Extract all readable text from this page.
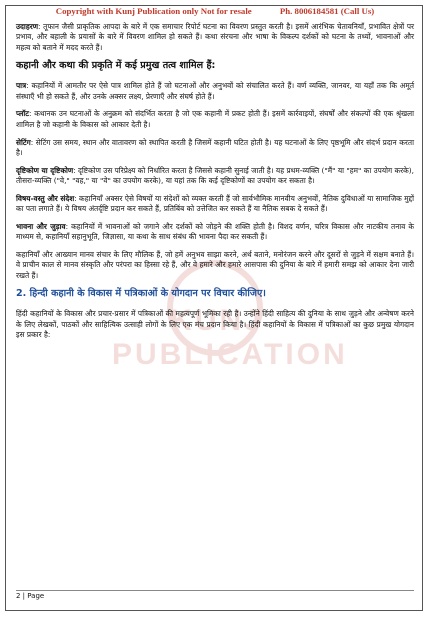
Copyright with Kunj Publication only Not for resale	Ph. 8006184581 (Call Us)
KUNJ PUBLICATION

उदाहरण: तूफान जैसी प्राकृतिक आपदा के बारे में एक समाचार रिपोर्ट घटना का विवरण प्रस्तुत करती है। इसमें आरंभिक चेतावनियाँ, प्रभावित क्षेत्रों पर प्रभाव, और बहाली के प्रयासों के बारे में विवरण शामिल हो सकते हैं। कथा संरचना और भाषा के विकल्प दर्शकों को घटना के तथ्यों, भावनाओं और महत्व को बताने में मदद करते हैं।

कहानी और कथा की प्रकृति में कई प्रमुख तत्व शामिल हैं:

पात्र: कहानियों में आमतौर पर ऐसे पात्र शामिल होते हैं जो घटनाओं और अनुभवों को संचालित करते हैं। वर्ण व्यक्ति, जानवर, या यहाँ तक कि अमूर्त संस्थाएँ भी हो सकते हैं, और उनके अक्सर लक्ष्य, प्रेरणाएँ और संघर्ष होते हैं।

प्लॉट: कथानक उन घटनाओं के अनुक्रम को संदर्भित करता है जो एक कहानी में प्रकट होती हैं। इसमें कार्रवाइयों, संघर्षों और संकल्पों की एक श्रृंखला शामिल है जो कहानी के विकास को आकार देती है।

सेटिंग: सेटिंग उस समय, स्थान और वातावरण को स्थापित करती है जिसमें कहानी घटित होती है। यह घटनाओं के लिए पृष्ठभूमि और संदर्भ प्रदान करता है।

दृष्टिकोण या दृष्टिकोण: दृष्टिकोण उस परिप्रेक्ष्य को निर्धारित करता है जिससे कहानी सुनाई जाती है। यह प्रथम-व्यक्ति ("मैं" या "हम" का उपयोग करके), तीसरा-व्यक्ति ("वे," "वह," या "वे" का उपयोग करके), या यहां तक कि कई दृष्टिकोणों का उपयोग कर सकता है।

विषय-वस्तु और संदेश: कहानियाँ अक्सर ऐसे विषयों या संदेशों को व्यक्त करती हैं जो सार्वभौमिक मानवीय अनुभवों, नैतिक दुविधाओं या सामाजिक मुद्दों का पता लगाते हैं। ये विषय अंतर्दृष्टि प्रदान कर सकते हैं, प्रतिबिंब को उत्तेजित कर सकते हैं या नैतिक सबक दे सकते हैं।

भावना और जुड़ाव: कहानियों में भावनाओं को जगाने और दर्शकों को जोड़ने की शक्ति होती है। विशद वर्णन, चरित्र विकास और नाटकीय तनाव के माध्यम से, कहानियाँ सहानुभूति, जिज्ञासा, या कथा के साथ संबंध की भावना पैदा कर सकती हैं।

कहानियाँ और आख्यान मानव संचार के लिए मौलिक हैं, जो हमें अनुभव साझा करने, अर्थ बताने, मनोरंजन करने और दूसरों से जुड़ने में सक्षम बनाते हैं। वे प्राचीन काल से मानव संस्कृति और परंपरा का हिस्सा रहे हैं, और वे हमारे और हमारे आसपास की दुनिया के बारे में हमारी समझ को आकार देना जारी रखते हैं।

2. हिन्दी कहानी के विकास में पत्रिकाओं के योगदान पर विचार कीजिए।

हिंदी कहानियों के विकास और प्रचार-प्रसार में पत्रिकाओं की महत्वपूर्ण भूमिका रही है। उन्होंने हिंदी साहित्य की दुनिया के साथ जुड़ने और अन्वेषण करने के लिए लेखकों, पाठकों और साहित्यिक उत्साही लोगों के लिए एक मंच प्रदान किया है। हिंदी कहानियों के विकास में पत्रिकाओं का कुछ प्रमुख योगदान इस प्रकार है:

2 | Page
